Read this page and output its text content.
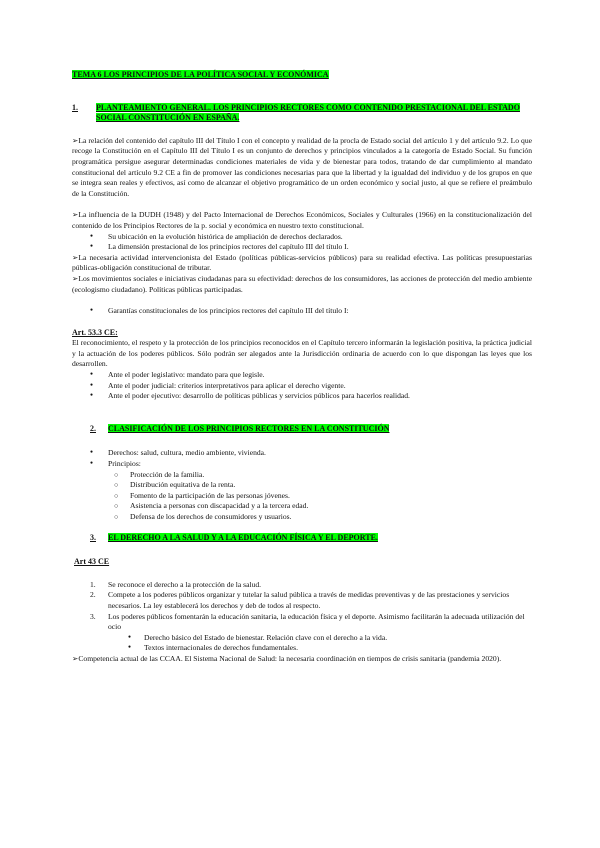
TEMA 6 LOS PRINCIPIOS DE LA POLÍTICA SOCIAL Y ECONÓMICA
1.	PLANTEAMIENTO GENERAL. LOS PRINCIPIOS RECTORES COMO CONTENIDO PRESTACIONAL DEL ESTADO SOCIAL CONSTITUCIÓN EN ESPAÑA.

➢La relación del contenido del capítulo III del Título I con el concepto y realidad de la procla de Estado social del artículo 1 y del artículo 9.2. Lo que recoge la Constitución en el Capítulo III del Título I es un conjunto de derechos y principios vinculados a la categoría de Estado Social. Su función programática persigue asegurar determinadas condiciones materiales de vida y de bienestar para todos, tratando de dar cumplimiento al mandato constitucional del artículo 9.2 CE a fin de promover las condiciones necesarias para que la libertad y la igualdad del individuo y de los grupos en que se integra sean reales y efectivos, así como de alcanzar el objetivo programático de un orden económico y social justo, al que se refiere el preámbulo de la Constitución.

➢La influencia de la DUDH (1948) y del Pacto Internacional de Derechos Económicos, Sociales y Culturales (1966) en la constitucionalización del contenido de los Principios Rectores de la p. social y económica en nuestro texto constitucional.

● Su ubicación en la evolución histórica de ampliación de derechos declarados.
● La dimensión prestacional de los principios rectores del capítulo III del título I.

➢La necesaria actividad intervencionista del Estado (políticas públicas-servicios públicos) para su realidad efectiva. Las políticas presupuestarias públicas-obligación constitucional de tributar.

➢Los movimientos sociales e iniciativas ciudadanas para su efectividad: derechos de los consumidores, las acciones de protección del medio ambiente (ecologismo ciudadano). Políticas públicas participadas.

● Garantías constitucionales de los principios rectores del capítulo III del título I:
Art. 53.3 CE:

El reconocimiento, el respeto y la protección de los principios reconocidos en el Capítulo tercero informarán la legislación positiva, la práctica judicial y la actuación de los poderes públicos. Sólo podrán ser alegados ante la Jurisdicción ordinaria de acuerdo con lo que dispongan las leyes que los desarrollen.

● Ante el poder legislativo: mandato para que legisle.
● Ante el poder judicial: criterios interpretativos para aplicar el derecho vigente.
● Ante el poder ejecutivo: desarrollo de políticas públicas y servicios públicos para hacerlos realidad.
2.	CLASIFICACIÓN DE LOS PRINCIPIOS RECTORES EN LA CONSTITUCIÓN
● Derechos: salud, cultura, medio ambiente, vivienda.
● Principios:
○ Protección de la familia.
○ Distribución equitativa de la renta.
○ Fomento de la participación de las personas jóvenes.
○ Asistencia a personas con discapacidad y a la tercera edad.
○ Defensa de los derechos de consumidores y usuarios.
3.	EL DERECHO A LA SALUD Y A LA EDUCACIÓN FÍSICA Y EL DEPORTE.
Art 43 CE
1. Se reconoce el derecho a la protección de la salud.
2. Compete a los poderes públicos organizar y tutelar la salud pública a través de medidas preventivas y de las prestaciones y servicios necesarios. La ley establecerá los derechos y deb de todos al respecto.
3. Los poderes públicos fomentarán la educación sanitaria, la educación física y el deporte. Asimismo facilitarán la adecuada utilización del ocio
● Derecho básico del Estado de bienestar. Relación clave con el derecho a la vida.
● Textos internacionales de derechos fundamentales.

➢Competencia actual de las CCAA. El Sistema Nacional de Salud: la necesaria coordinación en tiempos de crisis sanitaria (pandemia 2020).
